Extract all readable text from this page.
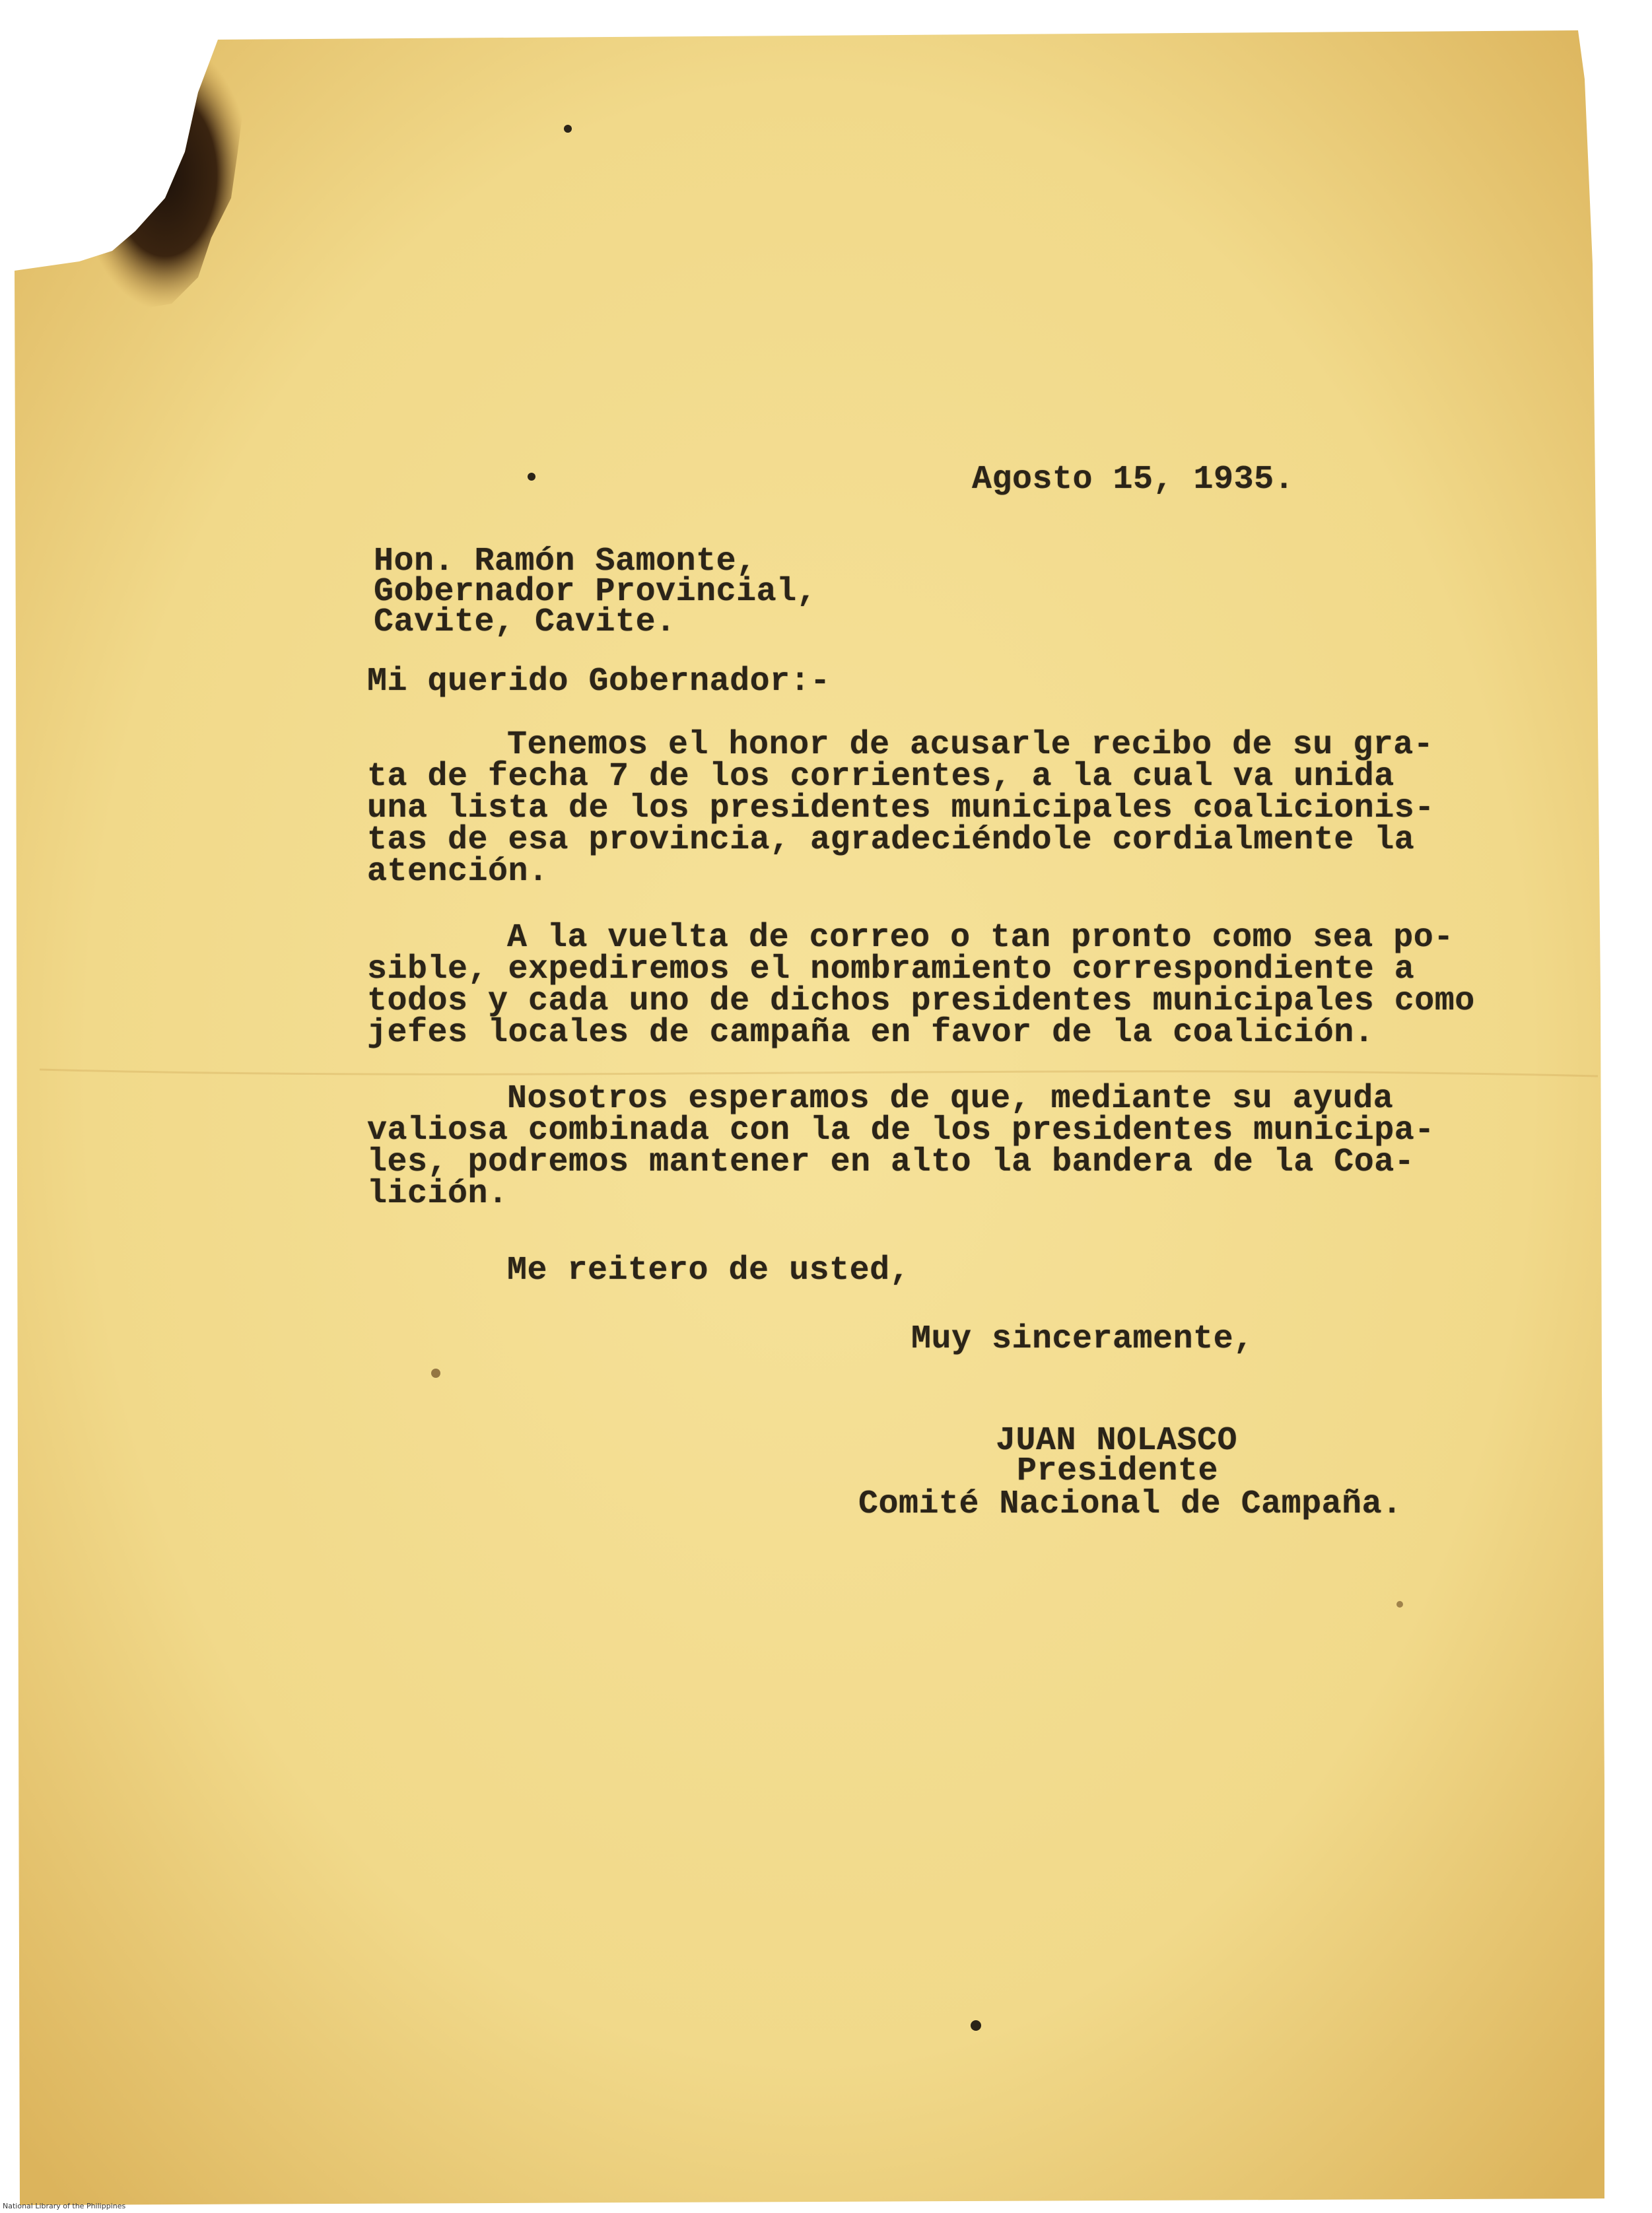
Agosto 15, 1935.
Hon. Ramón Samonte,
Gobernador Provincial,
Cavite, Cavite.
Mi querido Gobernador:-
Tenemos el honor de acusarle recibo de su gra-
ta de fecha 7 de los corrientes, a la cual va unida
una lista de los presidentes municipales coalicionis-
tas de esa provincia, agradeciéndole cordialmente la
atención.
A la vuelta de correo o tan pronto como sea po-
sible, expediremos el nombramiento correspondiente a
todos y cada uno de dichos presidentes municipales como
jefes locales de campaña en favor de la coalición.
Nosotros esperamos de que, mediante su ayuda
valiosa combinada con la de los presidentes municipa-
les, podremos mantener en alto la bandera de la Coa-
lición.
Me reitero de usted,
Muy sinceramente,
JUAN NOLASCO
Presidente
Comité Nacional de Campaña.
National Library of the Philippines
